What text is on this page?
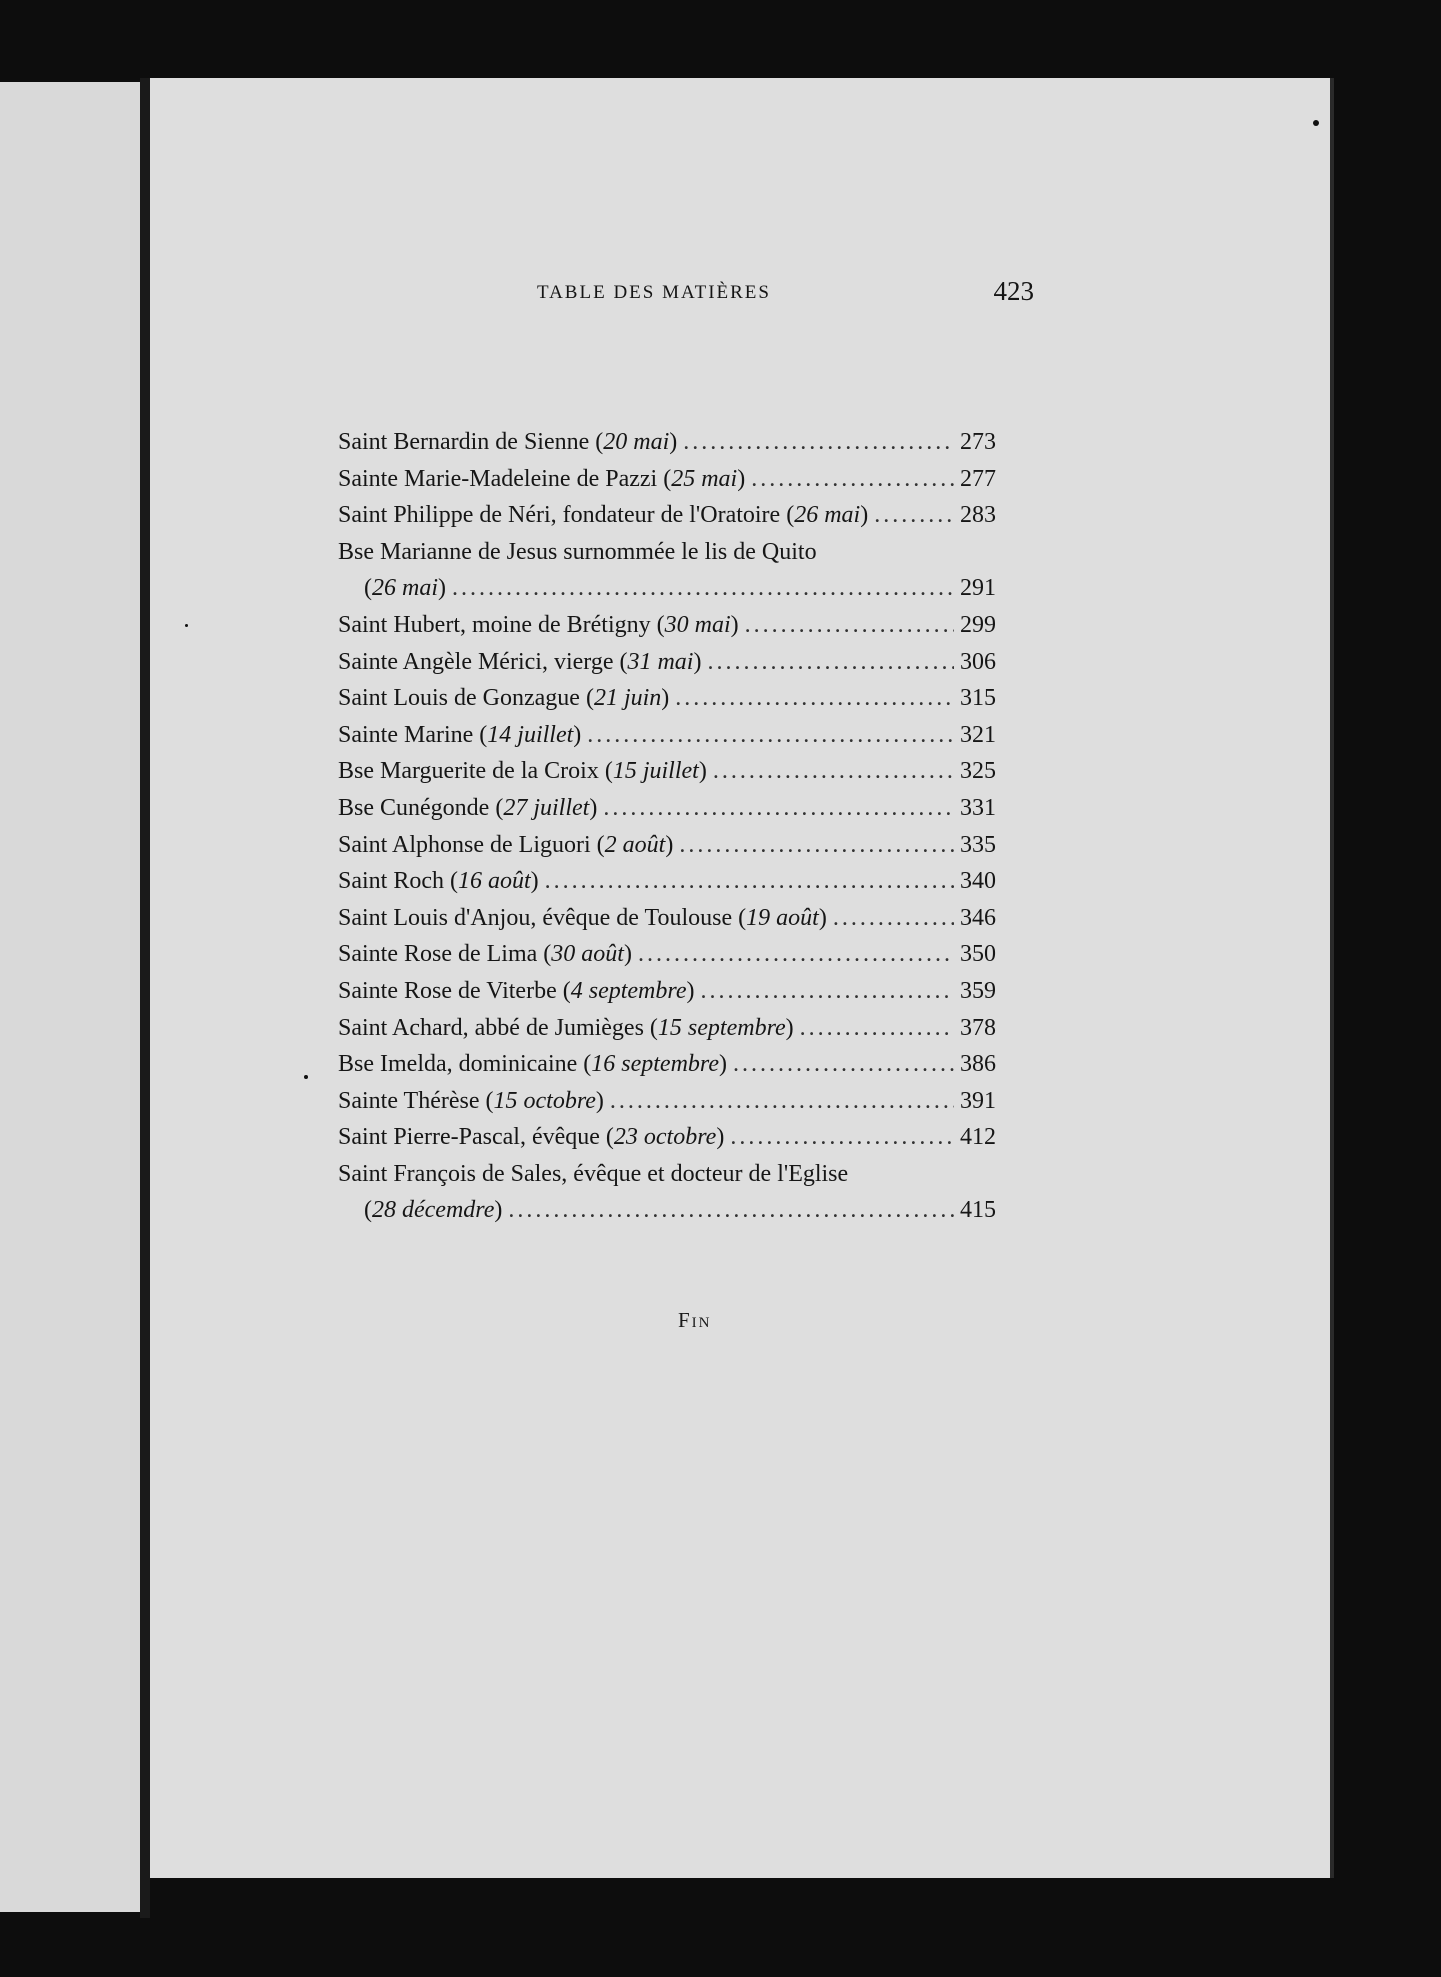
TABLE DES MATIÈRES	423
Saint Bernardin de Sienne (20 mai) .....	273
Sainte Marie-Madeleine de Pazzi (25 mai) .....	277
Saint Philippe de Néri, fondateur de l'Oratoire (26 mai) .....	283
Bse Marianne de Jesus surnommée le lis de Quito
(26 mai) .....	291
Saint Hubert, moine de Brétigny (30 mai) .....	299
Sainte Angèle Mérici, vierge (31 mai) .....	306
Saint Louis de Gonzague (21 juin) .....	315
Sainte Marine (14 juillet) .....	321
Bse Marguerite de la Croix (15 juillet) .....	325
Bse Cunégonde (27 juillet) .....	331
Saint Alphonse de Liguori (2 août) .....	335
Saint Roch (16 août) .....	340
Saint Louis d'Anjou, évêque de Toulouse (19 août) .....	346
Sainte Rose de Lima (30 août) .....	350
Sainte Rose de Viterbe (4 septembre) .....	359
Saint Achard, abbé de Jumièges (15 septembre) .....	378
Bse Imelda, dominicaine (16 septembre) .....	386
Sainte Thérèse (15 octobre) .....	391
Saint Pierre-Pascal, évêque (23 octobre) .....	412
Saint François de Sales, évêque et docteur de l'Eglise
(28 décemdre) .....	415
Fin
